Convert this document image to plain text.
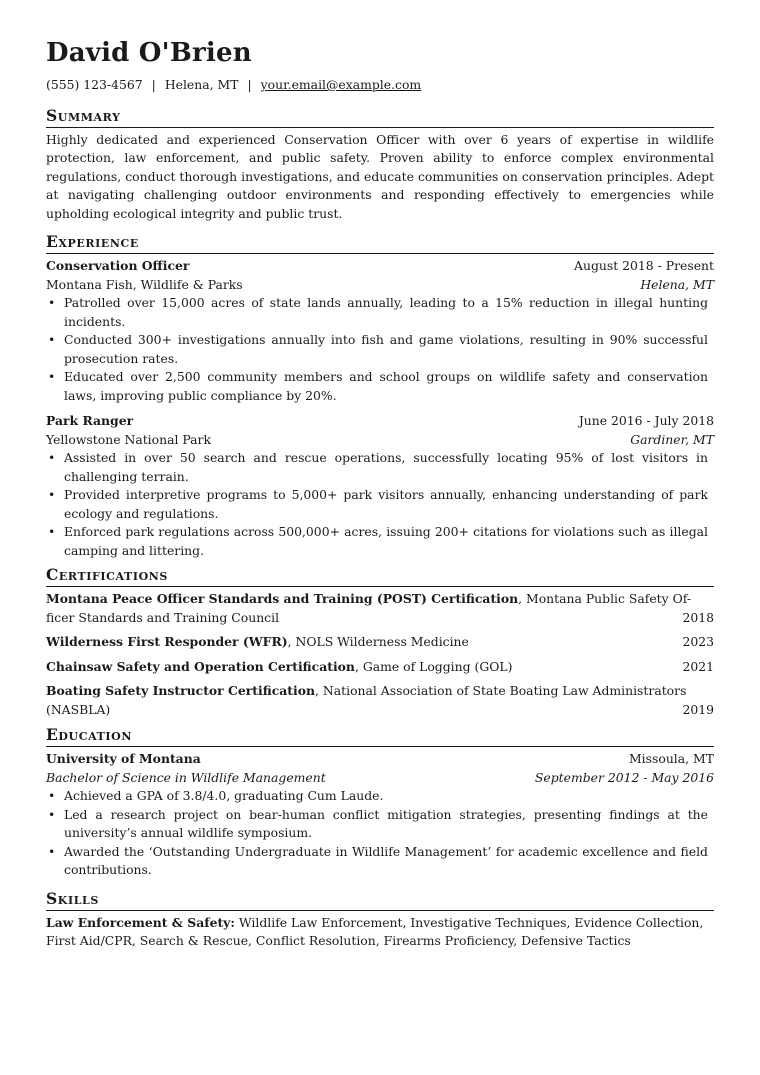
David O'Brien
(555) 123-4567 | Helena, MT | your.email@example.com
Summary
Highly dedicated and experienced Conservation Officer with over 6 years of expertise in wildlife protection, law enforcement, and public safety. Proven ability to enforce complex environmental regulations, conduct thorough investigations, and educate communities on conservation principles. Adept at navigating challenging outdoor environments and responding effectively to emergencies while upholding ecological integrity and public trust.
Experience
Conservation Officer	August 2018 - Present
Montana Fish, Wildlife & Parks	Helena, MT
• Patrolled over 15,000 acres of state lands annually, leading to a 15% reduction in illegal hunting incidents.
• Conducted 300+ investigations annually into fish and game violations, resulting in 90% successful prosecution rates.
• Educated over 2,500 community members and school groups on wildlife safety and conservation laws, improving public compliance by 20%.
Park Ranger	June 2016 - July 2018
Yellowstone National Park	Gardiner, MT
• Assisted in over 50 search and rescue operations, successfully locating 95% of lost visitors in challenging terrain.
• Provided interpretive programs to 5,000+ park visitors annually, enhancing understanding of park ecology and regulations.
• Enforced park regulations across 500,000+ acres, issuing 200+ citations for violations such as illegal camping and littering.
Certifications
Montana Peace Officer Standards and Training (POST) Certification, Montana Public Safety Of-
ficer Standards and Training Council	2018
Wilderness First Responder (WFR), NOLS Wilderness Medicine	2023
Chainsaw Safety and Operation Certification, Game of Logging (GOL)	2021
Boating Safety Instructor Certification, National Association of State Boating Law Administrators
(NASBLA)	2019
Education
University of Montana	Missoula, MT
Bachelor of Science in Wildlife Management	September 2012 - May 2016
• Achieved a GPA of 3.8/4.0, graduating Cum Laude.
• Led a research project on bear-human conflict mitigation strategies, presenting findings at the university’s annual wildlife symposium.
• Awarded the ‘Outstanding Undergraduate in Wildlife Management’ for academic excellence and field contributions.
Skills
Law Enforcement & Safety: Wildlife Law Enforcement, Investigative Techniques, Evidence Collection, First Aid/CPR, Search & Rescue, Conflict Resolution, Firearms Proficiency, Defensive Tactics
